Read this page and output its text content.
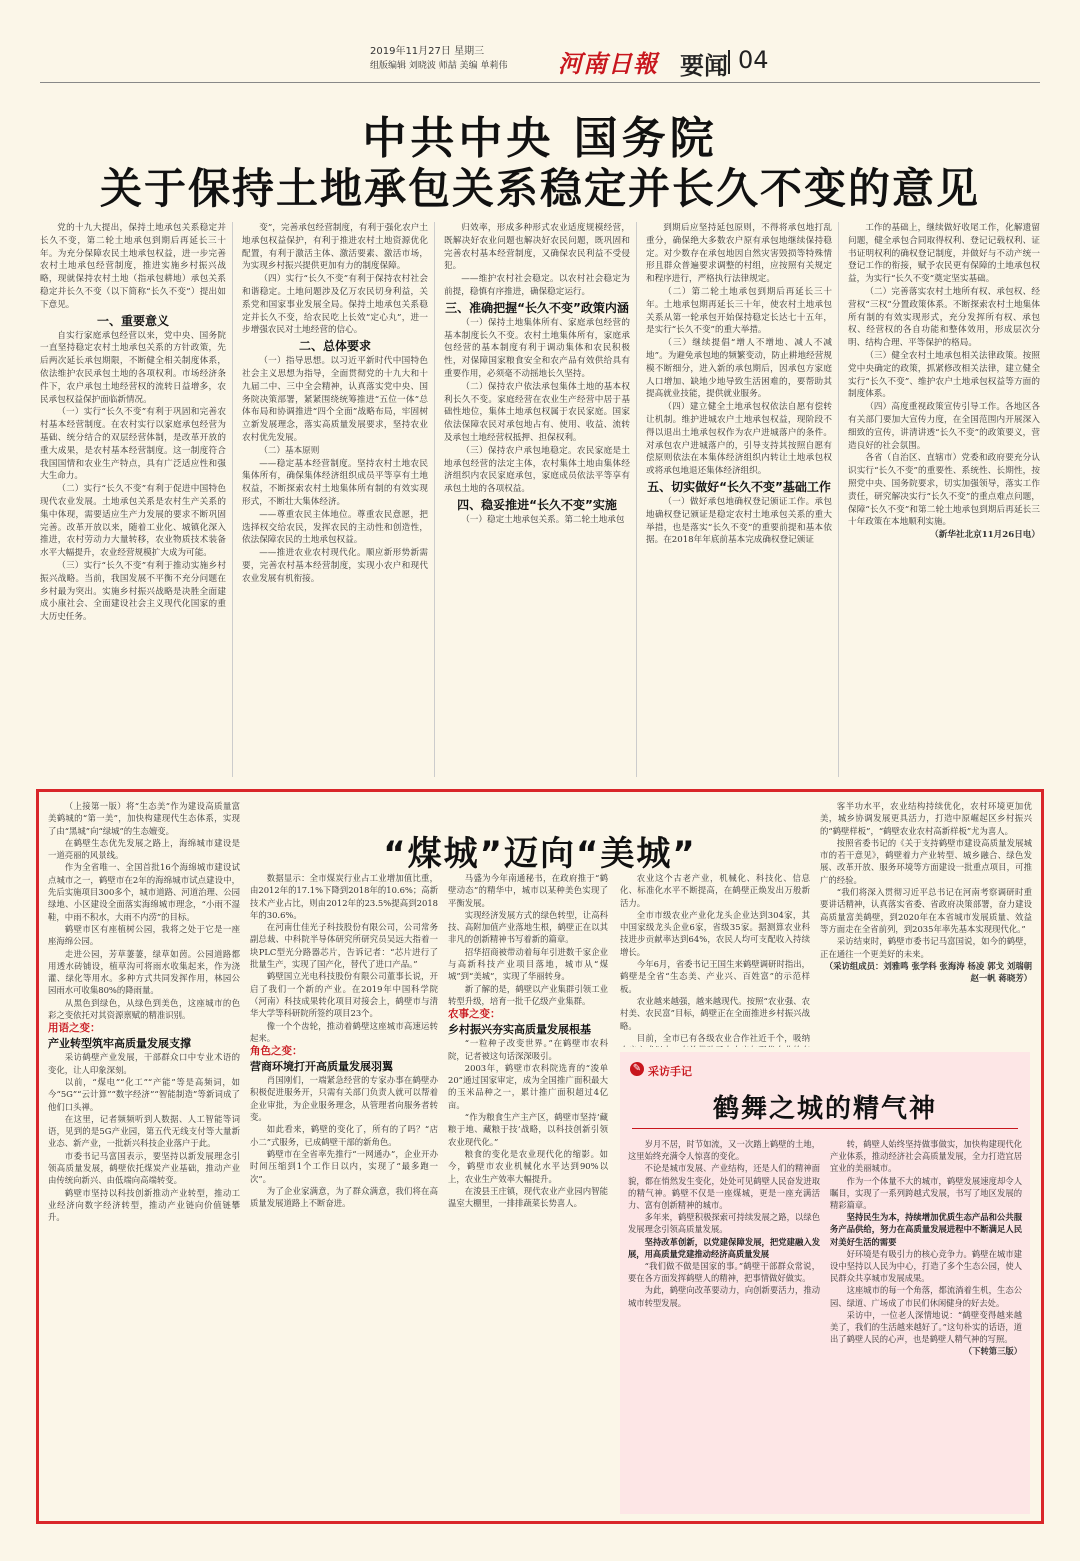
2019年11月27日 星期三
组版编辑 刘晓波 师喆 美编 单莉伟 河南日報 要闻 04
中共中央 国务院
关于保持土地承包关系稳定并长久不变的意见

党的十九大提出，保持土地承包关系稳定并长久不变，第二轮土地承包到期后再延长三十年。为充分保障农民土地承包权益，进一步完善农村土地承包经营制度，推进实施乡村振兴战略，现就保持农村土地（指承包耕地）承包关系稳定并长久不变（以下简称“长久不变”）提出如下意见。

一、重要意义

自实行家庭承包经营以来，党中央、国务院一直坚持稳定农村土地承包关系的方针政策，先后两次延长承包期限，不断健全相关制度体系，依法维护农民承包土地的各项权利。市场经济条件下，农户承包土地经营权的流转日益增多，农民承包权益保护面临新情况。

（一）实行“长久不变”有利于巩固和完善农村基本经营制度。在农村实行以家庭承包经营为基础、统分结合的双层经营体制，是改革开放的重大成果，是农村基本经营制度。这一制度符合我国国情和农业生产特点，具有广泛适应性和强大生命力。

（二）实行“长久不变”有利于促进中国特色现代农业发展。土地承包关系是农村生产关系的集中体现，需要适应生产力发展的要求不断巩固完善。改革开放以来，随着工业化、城镇化深入推进，农村劳动力大量转移，农业物质技术装备水平大幅提升，农业经营规模扩大成为可能。

（三）实行“长久不变”有利于推动实施乡村振兴战略。当前，我国发展不平衡不充分问题在乡村最为突出。实施乡村振兴战略是决胜全面建成小康社会、全面建设社会主义现代化国家的重大历史任务。

变”，完善承包经营制度，有利于强化农户土地承包权益保护，有利于推进农村土地资源优化配置，有利于激活主体、激活要素、激活市场，为实现乡村振兴提供更加有力的制度保障。

（四）实行“长久不变”有利于保持农村社会和谐稳定。土地问题涉及亿万农民切身利益，关系党和国家事业发展全局。保持土地承包关系稳定并长久不变，给农民吃上长效“定心丸”，进一步增强农民对土地经营的信心。

二、总体要求

（一）指导思想。以习近平新时代中国特色社会主义思想为指导，全面贯彻党的十九大和十九届二中、三中全会精神，认真落实党中央、国务院决策部署，紧紧围绕统筹推进“五位一体”总体布局和协调推进“四个全面”战略布局，牢固树立新发展理念，落实高质量发展要求，坚持农业农村优先发展。

（二）基本原则

——稳定基本经营制度。坚持农村土地农民集体所有，确保集体经济组织成员平等享有土地权益，不断探索农村土地集体所有制的有效实现形式，不断壮大集体经济。

——尊重农民主体地位。尊重农民意愿，把选择权交给农民，发挥农民的主动性和创造性，依法保障农民的土地承包权益。

——推进农业农村现代化。顺应新形势新需要，完善农村基本经营制度，实现小农户和现代农业发展有机衔接。

归效率，形成多种形式农业适度规模经营，既解决好农业问题也解决好农民问题，既巩固和完善农村基本经营制度，又确保农民利益不受侵犯。

——维护农村社会稳定。以农村社会稳定为前提，稳慎有序推进，确保稳定运行。

三、准确把握“长久不变”政策内涵

（一）保持土地集体所有、家庭承包经营的基本制度长久不变。农村土地集体所有，家庭承包经营的基本制度有利于调动集体和农民积极性，对保障国家粮食安全和农产品有效供给具有重要作用，必须毫不动摇地长久坚持。

（二）保持农户依法承包集体土地的基本权利长久不变。家庭经营在农业生产经营中居于基础性地位，集体土地承包权属于农民家庭。国家依法保障农民对承包地占有、使用、收益、流转及承包土地经营权抵押、担保权利。

（三）保持农户承包地稳定。农民家庭是土地承包经营的法定主体，农村集体土地由集体经济组织内农民家庭承包，家庭成员依法平等享有承包土地的各项权益。

四、稳妥推进“长久不变”实施

（一）稳定土地承包关系。第二轮土地承包

到期后应坚持延包原则，不得将承包地打乱重分，确保绝大多数农户原有承包地继续保持稳定。对少数存在承包地因自然灾害毁损等特殊情形且群众普遍要求调整的村组，应按照有关规定和程序进行，严格执行法律规定。

（二）第二轮土地承包到期后再延长三十年。土地承包期再延长三十年，使农村土地承包关系从第一轮承包开始保持稳定长达七十五年，是实行“长久不变”的重大举措。

（三）继续提倡“增人不增地、减人不减地”。为避免承包地的频繁变动，防止耕地经营规模不断细分，进入新的承包期后，因承包方家庭人口增加、缺地少地导致生活困难的，要帮助其提高就业技能，提供就业服务。

（四）建立健全土地承包权依法自愿有偿转让机制。维护进城农户土地承包权益，现阶段不得以退出土地承包权作为农户进城落户的条件。对承包农户进城落户的，引导支持其按照自愿有偿原则依法在本集体经济组织内转让土地承包权或将承包地退还集体经济组织。

五、切实做好“长久不变”基础工作

（一）做好承包地确权登记颁证工作。承包地确权登记颁证是稳定农村土地承包关系的重大举措，也是落实“长久不变”的重要前提和基本依据。在2018年年底前基本完成确权登记颁证

工作的基础上，继续做好收尾工作，化解遗留问题，健全承包合同取得权利、登记记载权利、证书证明权利的确权登记制度，并做好与不动产统一登记工作的衔接，赋予农民更有保障的土地承包权益，为实行“长久不变”奠定坚实基础。

（二）完善落实农村土地所有权、承包权、经营权“三权”分置政策体系。不断探索农村土地集体所有制的有效实现形式，充分发挥所有权、承包权、经营权的各自功能和整体效用，形成层次分明、结构合理、平等保护的格局。

（三）健全农村土地承包相关法律政策。按照党中央确定的政策，抓紧修改相关法律，建立健全实行“长久不变”、维护农户土地承包权益等方面的制度体系。

（四）高度重视政策宣传引导工作。各地区各有关部门要加大宣传力度，在全国范围内开展深入细致的宣传，讲清讲透“长久不变”的政策要义，营造良好的社会氛围。

各省（自治区、直辖市）党委和政府要充分认识实行“长久不变”的重要性、系统性、长期性，按照党中央、国务院要求，切实加强领导，落实工作责任，研究解决实行“长久不变”的重点难点问题，保障“长久不变”和第二轮土地承包到期后再延长三十年政策在本地顺利实施。

（新华社北京11月26日电）

“煤城”迈向“美城”

（上接第一版）将“生态美”作为建设高质量富美鹤城的“第一美”，加快构建现代生态体系，实现了由“黑城”向“绿城”的生态嬗变。

在鹤壁生态优先发展之路上，海绵城市建设是一道亮丽的风景线。

作为全省唯一、全国首批16个海绵城市建设试点城市之一，鹤壁市在2年的海绵城市试点建设中，先后实施项目300多个，城市道路、河道治理、公园绿地、小区建设全面落实海绵城市理念，“小雨不湿鞋，中雨不积水，大雨不内涝”的目标。

鹤壁市区有座植树公园，我将之处于它是一座座海绵公园。

走进公园，芳草萋萋，绿草如茵。公园道路都用透水砖铺设，植草沟可将雨水收集起来，作为浇灌、绿化等用水。多种方式共同发挥作用，林园公园雨水可收集80%的降雨量。

从黑色到绿色，从绿色到美色，这座城市的色彩之变依托对其资源禀赋的精准识别。

用语之变：

产业转型筑牢高质量发展支撑

采访鹤壁产业发展，干部群众口中专业术语的变化，让人印象深刻。

以前，“煤电”“化工”“产能”等是高频词，如今“5G”“云计算”“数字经济”“智能制造”等新词成了他们口头禅。

在这里，记者频频听到人数据、人工智能等词语，见到的是5G产业园，第五代无线支付等大量新业态、新产业，一批新兴科技企业落户于此。

市委书记马富国表示，要坚持以新发展理念引领高质量发展，鹤壁依托煤炭产业基础，推动产业由传统向新兴、由低端向高端转变。

鹤壁市坚持以科技创新推动产业转型，推动工业经济向数字经济转型，推动产业链向价值链攀升。

数据显示：全市煤炭行业占工业增加值比重，由2012年的17.1%下降到2018年的10.6%；高新技术产业占比，则由2012年的23.5%提高到2018年的30.6%。

在河南仕佳光子科技股份有限公司，公司常务副总裁、中科院半导体研究所研究员吴远大指着一块PLC型光分路器芯片，告诉记者：“芯片进行了批量生产，实现了国产化，替代了进口产品。”

鹤壁国立光电科技股份有限公司董事长说，开启了我们一个新的产业。在2019年中国科学院（河南）科技成果转化项目对接会上，鹤壁市与清华大学等科研院所签约项目23个。

像一个个齿轮，推动着鹤壁这座城市高速运转起来。

角色之变：

营商环境打开高质量发展羽翼

肖国刚们，一端紧急经营的专家办事在鹤壁办积极促进服务开，只需有关部门负责人就可以帮着企业审批，为企业服务理念，从管理者向服务者转变。

如此看来，鹤壁的变化了，所有的了吗？“店小二”式服务，已成鹤壁干部的新角色。

鹤壁市在全省率先推行“一网通办”，企业开办时间压缩到1个工作日以内，实现了“最多跑一次”。

为了企业家满意，为了群众满意，我们将在高质量发展道路上不断奋进。

马盛为今年南通秘书，在政府推于“鹤壁动态”的精华中，城市以某种美色实现了平衡发展。

实现经济发展方式的绿色转型，让高科技、高附加值产业落地生根，鹤壁正在以其非凡的创新精神书写着新的篇章。

招华招商被带动着每年引进数千家企业与高新科技产业项目落地，城市从“煤城”到“美城”，实现了华丽转身。

新了解的是，鹤壁以产业集群引领工业转型升级，培育一批千亿级产业集群。

农事之变：

乡村振兴夯实高质量发展根基

“一粒种子改变世界。”在鹤壁市农科院，记者被这句话深深吸引。

2003年，鹤壁市农科院选育的“浚单20”通过国家审定，成为全国推广面积最大的玉米品种之一，累计推广面积超过4亿亩。

“作为粮食生产主产区，鹤壁市坚持‘藏粮于地、藏粮于技’战略，以科技创新引领农业现代化。”

粮食的变化是农业现代化的缩影。如今，鹤壁市农业机械化水平达到90%以上，农业生产效率大幅提升。

在浚县王庄镇，现代农业产业园内智能温室大棚里，一排排蔬菜长势喜人。

农业这个古老产业，机械化、科技化、信息化、标准化水平不断提高，在鹤壁正焕发出万般新活力。

全市市级农业产业化龙头企业达到304家，其中国家级龙头企业6家，省级35家。据测算农业科技进步贡献率达到64%，农民人均可支配收入持续增长。

今年6月，省委书记王国生来鹤壁调研时指出，鹤壁是全省“生态美、产业兴、百姓富”的示范样板。

农业越来越强，越来越现代。按照“农业强、农村美、农民富”目标，鹤壁正在全面推进乡村振兴战略。

目前，全市已有各级农业合作社近千个，吸纳

客半功水平，农业结构持续优化，农村环境更加优美，城乡协调发展更具活力，打造中原崛起区乡村振兴的“鹤壁样板”，“鹤壁农业农村高新样板”尤为喜人。

按照省委书记的《关于支持鹤壁市建设高质量发展城市的若干意见》，鹤壁着力产业转型、城乡融合、绿色发展、改革开放、服务环境等方面建设一批重点项目，可推广的经验。

“我们将深入贯彻习近平总书记在河南考察调研时重要讲话精神，认真落实省委、省政府决策部署，奋力建设高质量富美鹤壁，到2020年在本省城市发展质量、效益等方面走在全省前列，到2035年率先基本实现现代化。”

采访结束时，鹤壁市委书记马富国说，如今的鹤壁，正在通往一个更美好的未来。

（采访组成员：刘雅鸣 张学科 张海涛 杨凌 郭戈 刘瑞朝 赵一帆 蒋晓芳）

✎ 采访手记
鹤舞之城的精气神

岁月不居，时节如流，又一次踏上鹤壁的土地，这里始终充满令人惊喜的变化。

不论是城市发展、产业结构，还是人们的精神面貌，都在悄然发生变化，处处可见鹤壁人民奋发进取的精气神。鹤壁不仅是一座煤城，更是一座充满活力、富有创新精神的城市。

多年来，鹤壁积极探索可持续发展之路，以绿色发展理念引领高质量发展。

坚持改革创新，以党建保障发展，把党建融入发展，用高质量党建推动经济高质量发展

“我们做不做是国家的事。”鹤壁干部群众常说，要在各方面发挥鹤壁人的精神，把事情做好做实。

为此，鹤壁向改革要动力，向创新要活力，推动城市转型发展。

转，鹤壁人始终坚持做事做实，加快构建现代化产业体系，推动经济社会高质量发展，全力打造宜居宜业的美丽城市。

作为一个体量不大的城市，鹤壁发展速度却令人瞩目，实现了一系列跨越式发展，书写了地区发展的精彩篇章。

坚持民生为本，持续增加优质生态产品和公共服务产品供给，努力在高质量发展进程中不断满足人民对美好生活的需要

好环境是有吸引力的核心竞争力。鹤壁在城市建设中坚持以人民为中心，打造了多个生态公园，使人民群众共享城市发展成果。

这座城市的每一个角落，都流淌着生机，生态公园、绿道、广场成了市民们休闲健身的好去处。

采访中，一位老人深情地说：“鹤壁变得越来越美了，我们的生活越来越好了。”这句朴实的话语，道出了鹤壁人民的心声，也是鹤壁人精气神的写照。

（下转第三版）
